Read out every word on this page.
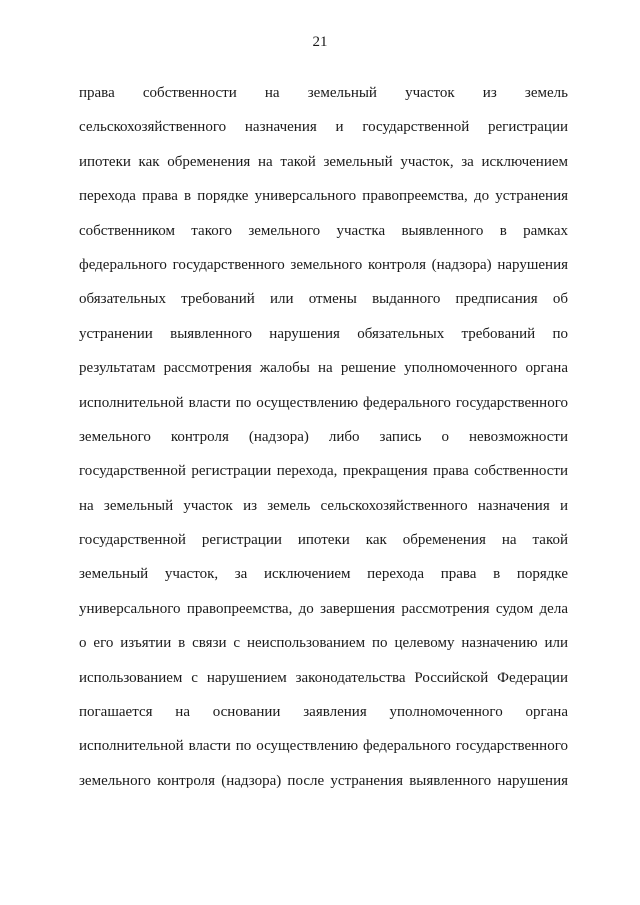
21
права собственности на земельный участок из земель
сельскохозяйственного назначения и государственной регистрации
ипотеки как обременения на такой земельный участок, за исключением
перехода права в порядке универсального правопреемства, до устранения
собственником такого земельного участка выявленного в рамках
федерального государственного земельного контроля (надзора) нарушения
обязательных требований или отмены выданного предписания об
устранении выявленного нарушения обязательных требований по
результатам рассмотрения жалобы на решение уполномоченного органа
исполнительной власти по осуществлению федерального государственного
земельного контроля (надзора) либо запись о невозможности
государственной регистрации перехода, прекращения права собственности
на земельный участок из земель сельскохозяйственного назначения и
государственной регистрации ипотеки как обременения на такой
земельный участок, за исключением перехода права в порядке
универсального правопреемства, до завершения рассмотрения судом дела
о его изъятии в связи с неиспользованием по целевому назначению или
использованием с нарушением законодательства Российской Федерации
погашается на основании заявления уполномоченного органа
исполнительной власти по осуществлению федерального государственного
земельного контроля (надзора) после устранения выявленного нарушения
